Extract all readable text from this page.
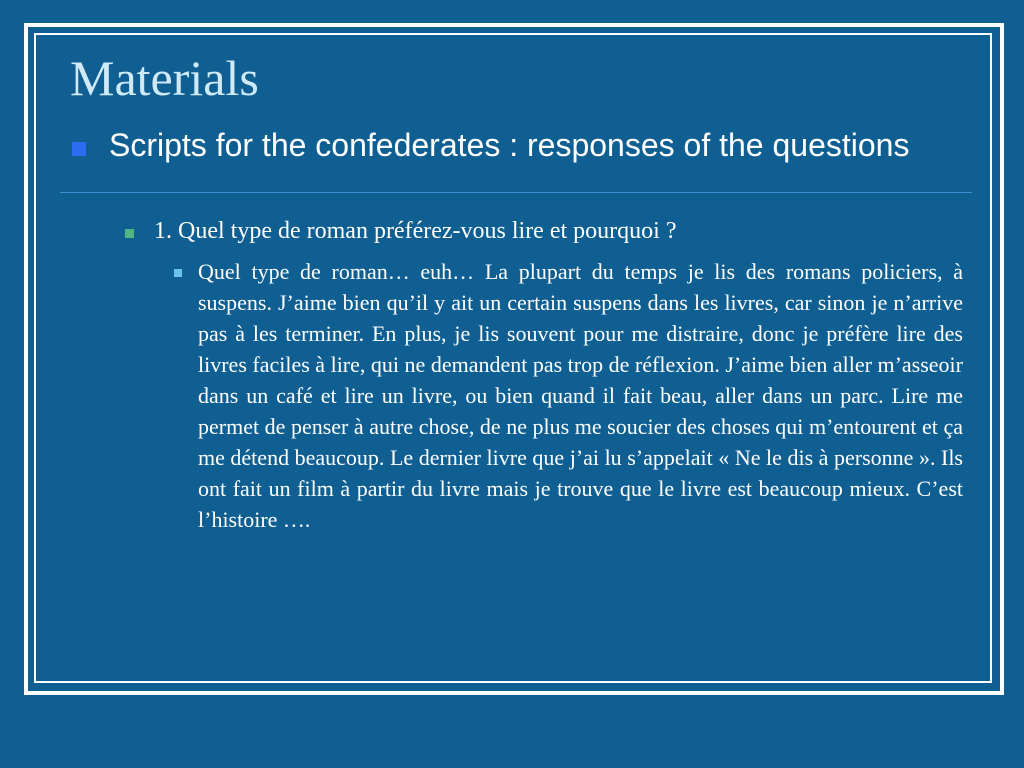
Materials

Scripts for the confederates : responses of the questions

1. Quel type de roman préférez-vous lire et pourquoi ?

Quel type de roman… euh… La plupart du temps je lis des romans policiers, à suspens. J’aime bien qu’il y ait un certain suspens dans les livres, car sinon je n’arrive pas à les terminer. En plus, je lis souvent pour me distraire, donc je préfère lire des livres faciles à lire, qui ne demandent pas trop de réflexion. J’aime bien aller m’asseoir dans un café et lire un livre, ou bien quand il fait beau, aller dans un parc. Lire me permet de penser à autre chose, de ne plus me soucier des choses qui m’entourent et ça me détend beaucoup. Le dernier livre que j’ai lu s’appelait « Ne le dis à personne ». Ils ont fait un film à partir du livre mais je trouve que le livre est beaucoup mieux. C’est l’histoire ….
